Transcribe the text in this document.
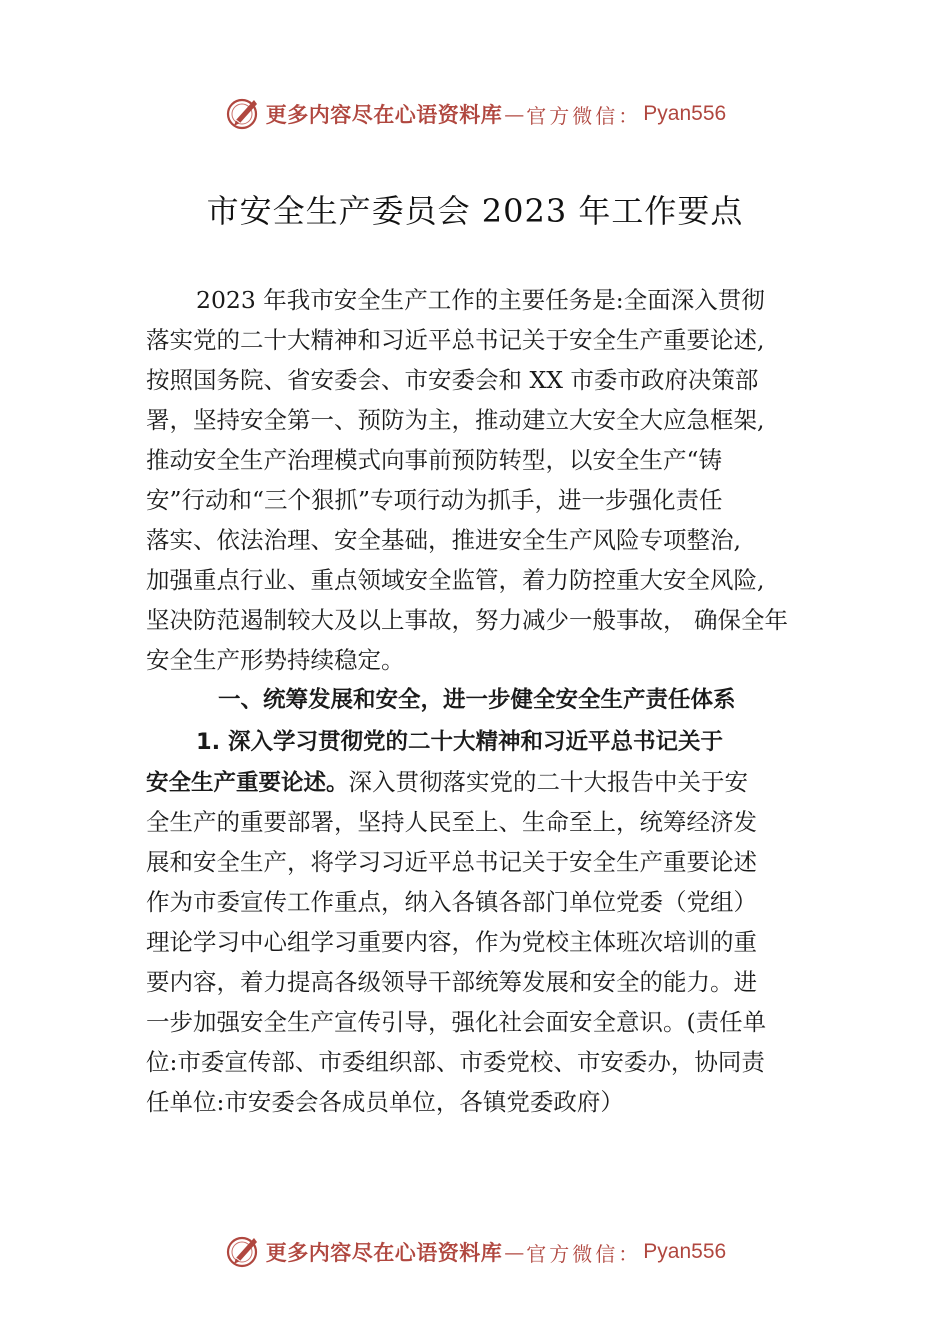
更多内容尽在心语资料库 — 官方微信： Pyan556
市安全生产委员会 2023 年工作要点
2023 年我市安全生产工作的主要任务是:全面深入贯彻
落实党的二十大精神和习近平总书记关于安全生产重要论述,
按照国务院、省安委会、市安委会和 XX 市委市政府决策部
署，坚持安全第一、预防为主，推动建立大安全大应急框架,
推动安全生产治理模式向事前预防转型，以安全生产“铸
安”行动和“三个狠抓”专项行动为抓手，进一步强化责任
落实、依法治理、安全基础，推进安全生产风险专项整治,
加强重点行业、重点领域安全监管，着力防控重大安全风险,
坚决防范遏制较大及以上事故，努力减少一般事故， 确保全年
安全生产形势持续稳定。
一、统筹发展和安全，进一步健全安全生产责任体系
1. 深入学习贯彻党的二十大精神和习近平总书记关于
安全生产重要论述。深入贯彻落实党的二十大报告中关于安
全生产的重要部署，坚持人民至上、生命至上，统筹经济发
展和安全生产，将学习习近平总书记关于安全生产重要论述
作为市委宣传工作重点，纳入各镇各部门单位党委（党组）
理论学习中心组学习重要内容，作为党校主体班次培训的重
要内容，着力提高各级领导干部统筹发展和安全的能力。进
一步加强安全生产宣传引导，强化社会面安全意识。(责任单
位:市委宣传部、市委组织部、市委党校、市安委办，协同责
任单位:市安委会各成员单位，各镇党委政府）
更多内容尽在心语资料库 — 官方微信： Pyan556
